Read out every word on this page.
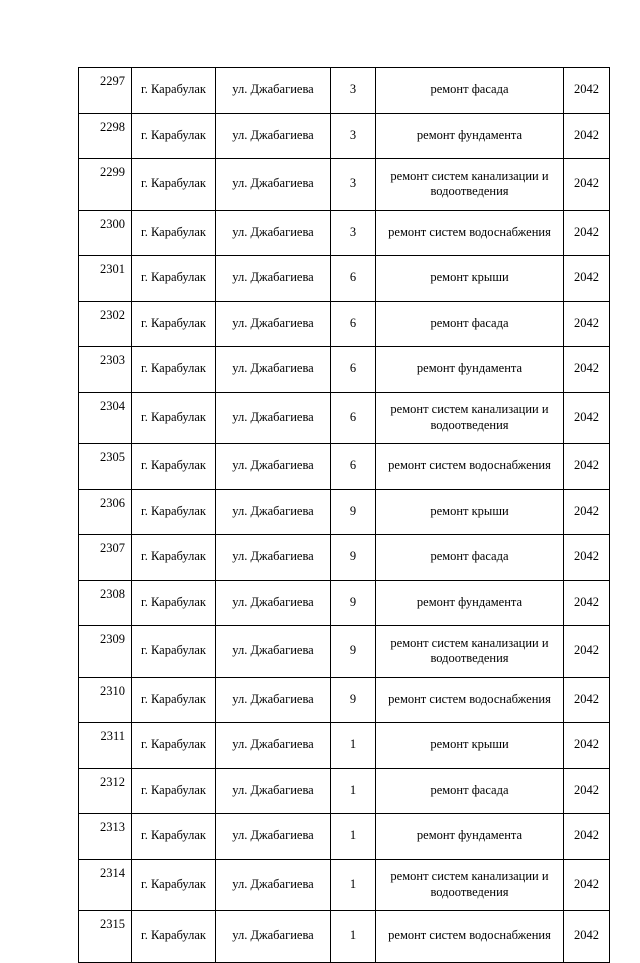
2297	г. Карабулак	ул. Джабагиева	3	ремонт фасада	2042
2298	г. Карабулак	ул. Джабагиева	3	ремонт фундамента	2042
2299	г. Карабулак	ул. Джабагиева	3	ремонт систем канализации и водоотведения	2042
2300	г. Карабулак	ул. Джабагиева	3	ремонт систем водоснабжения	2042
2301	г. Карабулак	ул. Джабагиева	6	ремонт крыши	2042
2302	г. Карабулак	ул. Джабагиева	6	ремонт фасада	2042
2303	г. Карабулак	ул. Джабагиева	6	ремонт фундамента	2042
2304	г. Карабулак	ул. Джабагиева	6	ремонт систем канализации и водоотведения	2042
2305	г. Карабулак	ул. Джабагиева	6	ремонт систем водоснабжения	2042
2306	г. Карабулак	ул. Джабагиева	9	ремонт крыши	2042
2307	г. Карабулак	ул. Джабагиева	9	ремонт фасада	2042
2308	г. Карабулак	ул. Джабагиева	9	ремонт фундамента	2042
2309	г. Карабулак	ул. Джабагиева	9	ремонт систем канализации и водоотведения	2042
2310	г. Карабулак	ул. Джабагиева	9	ремонт систем водоснабжения	2042
2311	г. Карабулак	ул. Джабагиева	1	ремонт крыши	2042
2312	г. Карабулак	ул. Джабагиева	1	ремонт фасада	2042
2313	г. Карабулак	ул. Джабагиева	1	ремонт фундамента	2042
2314	г. Карабулак	ул. Джабагиева	1	ремонт систем канализации и водоотведения	2042
2315	г. Карабулак	ул. Джабагиева	1	ремонт систем водоснабжения	2042
